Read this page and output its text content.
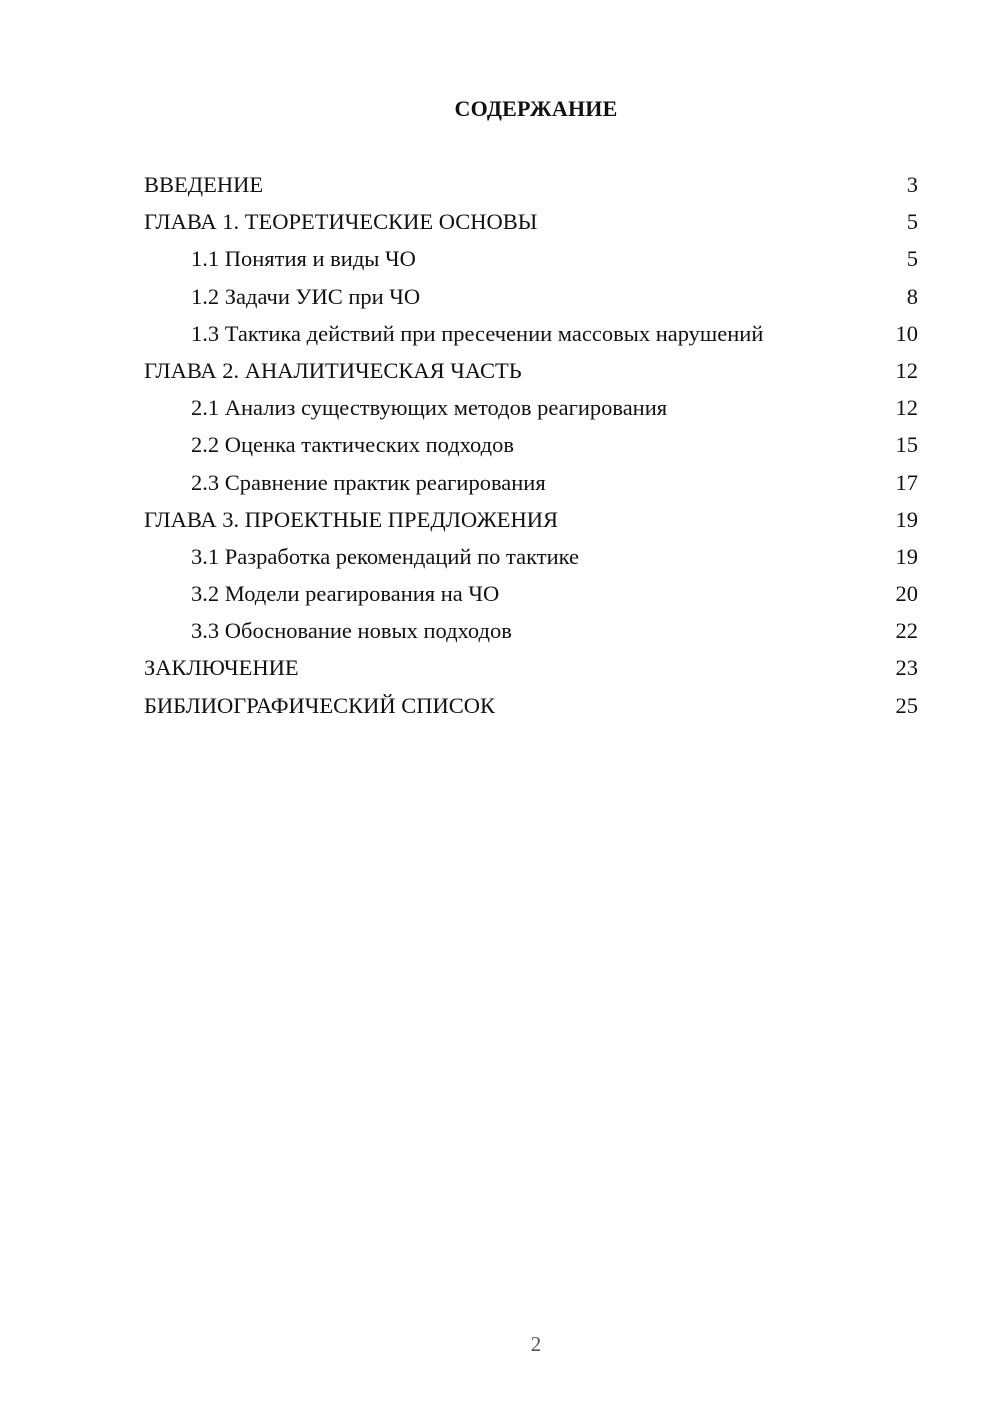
СОДЕРЖАНИЕ
ВВЕДЕНИЕ	3
ГЛАВА 1. ТЕОРЕТИЧЕСКИЕ ОСНОВЫ	5
1.1 Понятия и виды ЧО	5
1.2 Задачи УИС при ЧО	8
1.3 Тактика действий при пресечении массовых нарушений	10
ГЛАВА 2. АНАЛИТИЧЕСКАЯ ЧАСТЬ	12
2.1 Анализ существующих методов реагирования	12
2.2 Оценка тактических подходов	15
2.3 Сравнение практик реагирования	17
ГЛАВА 3. ПРОЕКТНЫЕ ПРЕДЛОЖЕНИЯ	19
3.1 Разработка рекомендаций по тактике	19
3.2 Модели реагирования на ЧО	20
3.3 Обоснование новых подходов	22
ЗАКЛЮЧЕНИЕ	23
БИБЛИОГРАФИЧЕСКИЙ СПИСОК	25
2
